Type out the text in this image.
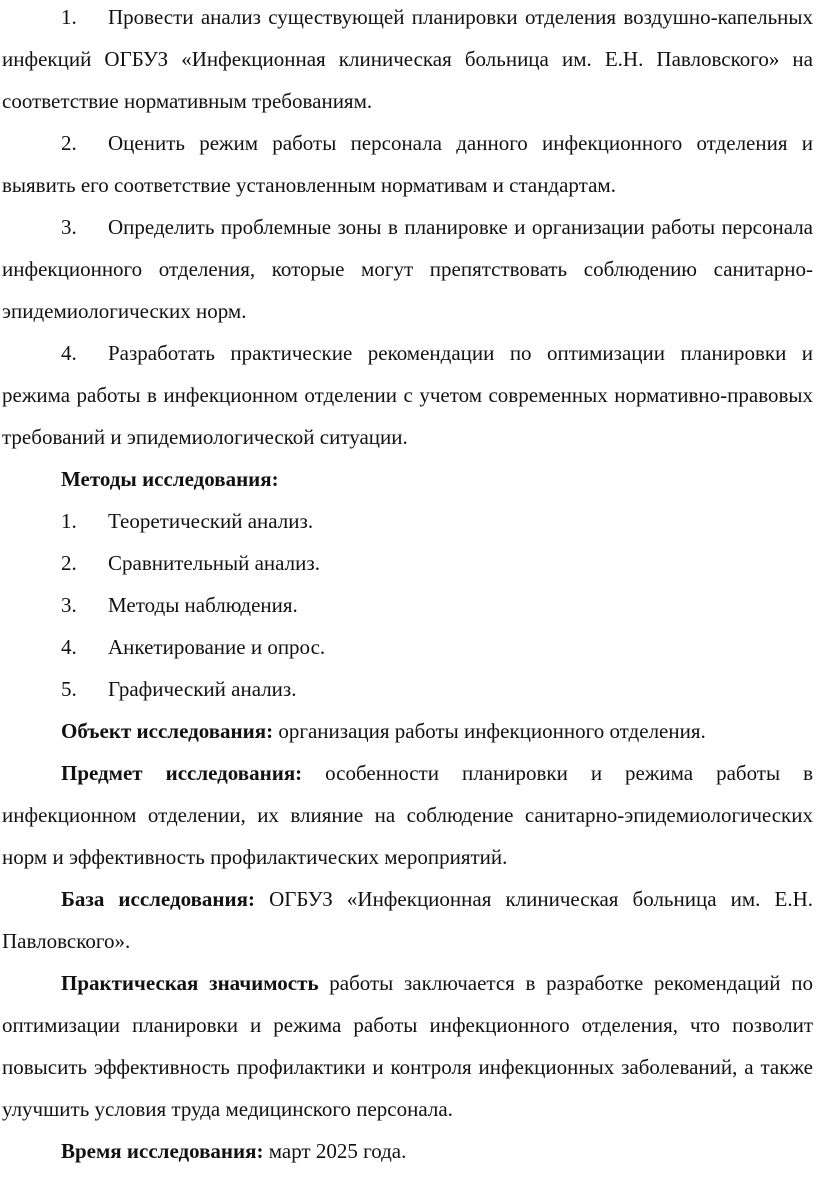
1. Провести анализ существующей планировки отделения воздушно-капельных инфекций ОГБУЗ «Инфекционная клиническая больница им. Е.Н. Павловского» на соответствие нормативным требованиям.

2. Оценить режим работы персонала данного инфекционного отделения и выявить его соответствие установленным нормативам и стандартам.

3. Определить проблемные зоны в планировке и организации работы персонала инфекционного отделения, которые могут препятствовать соблюдению санитарно-эпидемиологических норм.

4. Разработать практические рекомендации по оптимизации планировки и режима работы в инфекционном отделении с учетом современных нормативно-правовых требований и эпидемиологической ситуации.

Методы исследования:

1. Теоретический анализ.

2. Сравнительный анализ.

3. Методы наблюдения.

4. Анкетирование и опрос.

5. Графический анализ.

Объект исследования: организация работы инфекционного отделения.

Предмет исследования: особенности планировки и режима работы в инфекционном отделении, их влияние на соблюдение санитарно-эпидемиологических норм и эффективность профилактических мероприятий.

База исследования: ОГБУЗ «Инфекционная клиническая больница им. Е.Н. Павловского».

Практическая значимость работы заключается в разработке рекомендаций по оптимизации планировки и режима работы инфекционного отделения, что позволит повысить эффективность профилактики и контроля инфекционных заболеваний, а также улучшить условия труда медицинского персонала.

Время исследования: март 2025 года.
